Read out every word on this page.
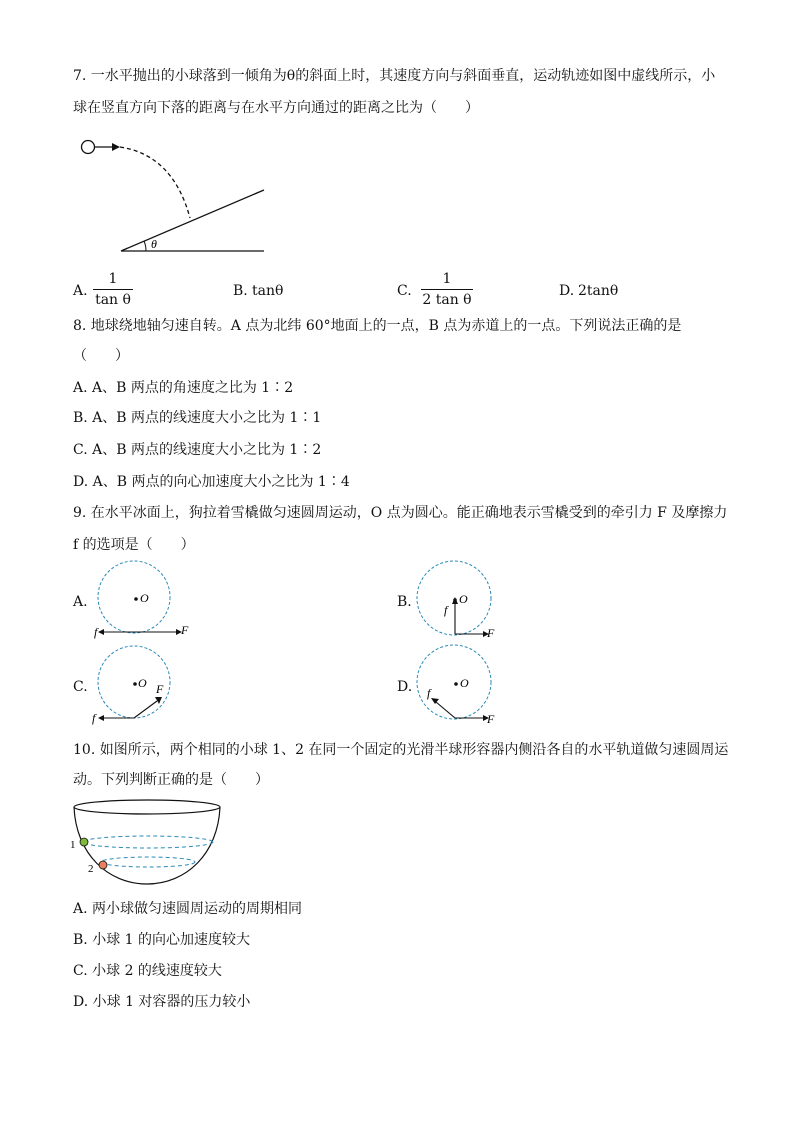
7. 一水平抛出的小球落到一倾角为θ的斜面上时，其速度方向与斜面垂直，运动轨迹如图中虚线所示，小
球在竖直方向下落的距离与在水平方向通过的距离之比为（　　）
θ
A.
1
tan θ
B. tanθ	C.
1
2 tan θ
D. 2tanθ
8. 地球绕地轴匀速自转。A 点为北纬 60°地面上的一点，B 点为赤道上的一点。下列说法正确的是
（　　）
A. A、B 两点的角速度之比为 1∶2
B. A、B 两点的线速度大小之比为 1∶1
C. A、B 两点的线速度大小之比为 1∶2
D. A、B 两点的向心加速度大小之比为 1∶4
9. 在水平冰面上，狗拉着雪橇做匀速圆周运动，O 点为圆心。能正确地表示雪橇受到的牵引力 F 及摩擦力
f 的选项是（　　）
A.	O
f	F
B.	O
f
F
C.	O
f
F	D.	O
F
f
10. 如图所示，两个相同的小球 1、2 在同一个固定的光滑半球形容器内侧沿各自的水平轨道做匀速圆周运
动。下列判断正确的是（　　）
1
2
A. 两小球做匀速圆周运动的周期相同
B. 小球 1 的向心加速度较大
C. 小球 2 的线速度较大
D. 小球 1 对容器的压力较小
